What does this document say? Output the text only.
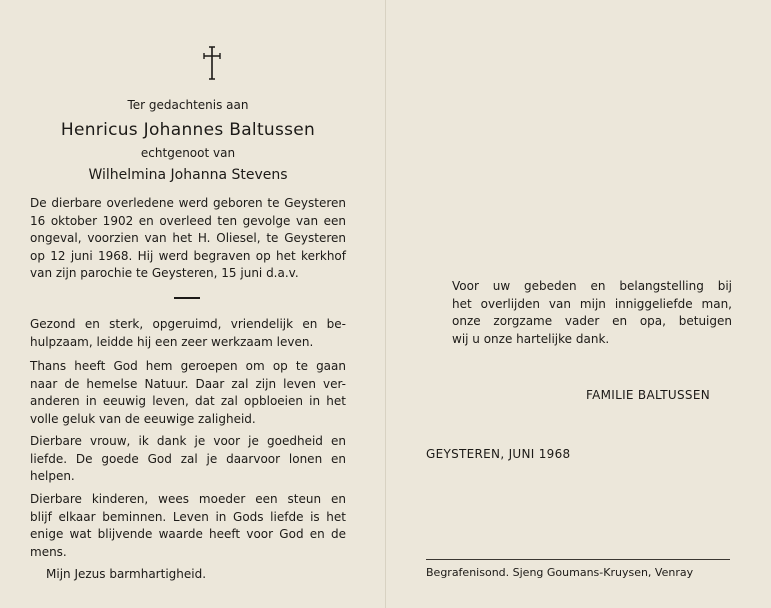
Ter gedachtenis aan
Henricus Johannes Baltussen
echtgenoot van
Wilhelmina Johanna Stevens

De dierbare overledene werd geboren te Geysteren
16 oktober 1902 en overleed ten gevolge van een
ongeval, voorzien van het H. Oliesel, te Geysteren
op 12 juni 1968. Hij werd begraven op het kerkhof
van zijn parochie te Geysteren, 15 juni d.a.v.

Gezond en sterk, opgeruimd, vriendelijk en be-
hulpzaam, leidde hij een zeer werkzaam leven.

Thans heeft God hem geroepen om op te gaan
naar de hemelse Natuur. Daar zal zijn leven ver-
anderen in eeuwig leven, dat zal opbloeien in het
volle geluk van de eeuwige zaligheid.

Dierbare vrouw, ik dank je voor je goedheid en
liefde. De goede God zal je daarvoor lonen en
helpen.

Dierbare kinderen, wees moeder een steun en
blijf elkaar beminnen. Leven in Gods liefde is het
enige wat blijvende waarde heeft voor God en de
mens.

Mijn Jezus barmhartigheid.

Voor uw gebeden en belangstelling bij
het overlijden van mijn inniggeliefde man,
onze zorgzame vader en opa, betuigen
wij u onze hartelijke dank.

FAMILIE BALTUSSEN
GEYSTEREN, JUNI 1968
Begrafenisond. Sjeng Goumans-Kruysen, Venray
